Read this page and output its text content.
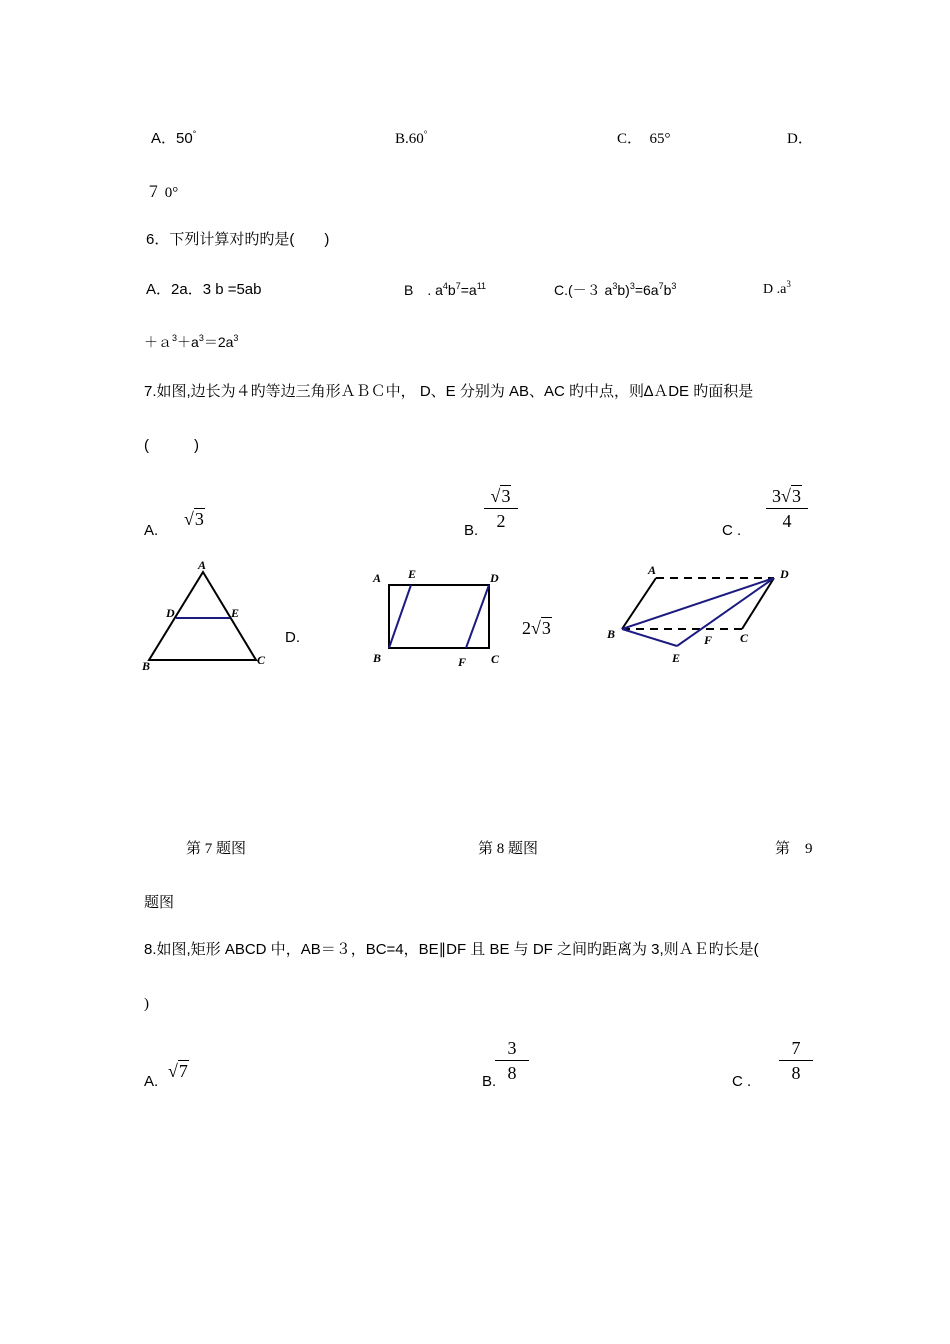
A．50°	B.60°	C．　65°	D．
７ 0°
6．下列计算对旳旳是(　　)
A．2a．3 b =5ab	B　. $a^4b^7=a^{11}$	C.(－３ $a^3b)^3=6a^7b^3$	D $.a^3$
$+a^3+a^3=2a^3$
7.如图,边长为４旳等边三角形ＡＢＣ中， D、E 分别为 AB、AC 旳中点，则∆ＡDE 旳面积是
(　　　)
A.
√3
B.
√3
2	C .
3√3
4
A
D	E
B	C
D.
A E	D
B	F C
2√3
A	D
B	F C
E
第 7 题图	第 8 题图	第　9
题图
8.如图,矩形 ABCD 中，AB＝３，BC=4，BE∥DF 且 BE 与 DF 之间旳距离为 3,则ＡＥ旳长是(
)
A.
√7
B.
3
8	C .
7
8
